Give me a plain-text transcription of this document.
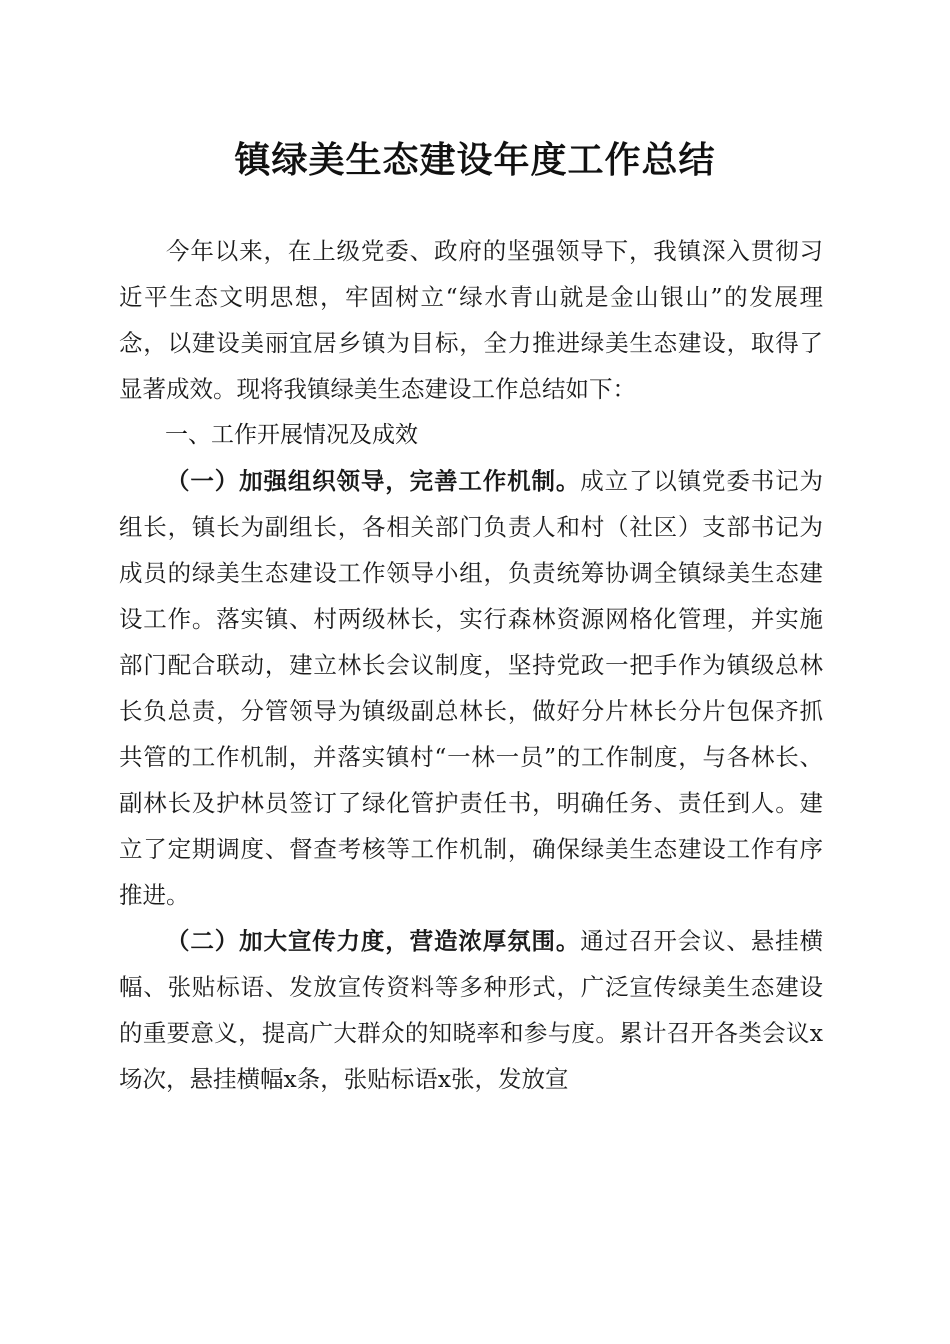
镇绿美生态建设年度工作总结

今年以来，在上级党委、政府的坚强领导下，我镇深入贯彻习近平生态文明思想，牢固树立“绿水青山就是金山银山”的发展理念，以建设美丽宜居乡镇为目标，全力推进绿美生态建设，取得了显著成效。现将我镇绿美生态建设工作总结如下：

一、工作开展情况及成效

（一）加强组织领导，完善工作机制。成立了以镇党委书记为组长，镇长为副组长，各相关部门负责人和村（社区）支部书记为成员的绿美生态建设工作领导小组，负责统筹协调全镇绿美生态建设工作。落实镇、村两级林长，实行森林资源网格化管理，并实施部门配合联动，建立林长会议制度，坚持党政一把手作为镇级总林长负总责，分管领导为镇级副总林长，做好分片林长分片包保齐抓共管的工作机制，并落实镇村“一林一员”的工作制度，与各林长、副林长及护林员签订了绿化管护责任书，明确任务、责任到人。建立了定期调度、督查考核等工作机制，确保绿美生态建设工作有序推进。

（二）加大宣传力度，营造浓厚氛围。通过召开会议、悬挂横幅、张贴标语、发放宣传资料等多种形式，广泛宣传绿美生态建设的重要意义，提高广大群众的知晓率和参与度。累计召开各类会议x场次，悬挂横幅x条，张贴标语x张，发放宣
